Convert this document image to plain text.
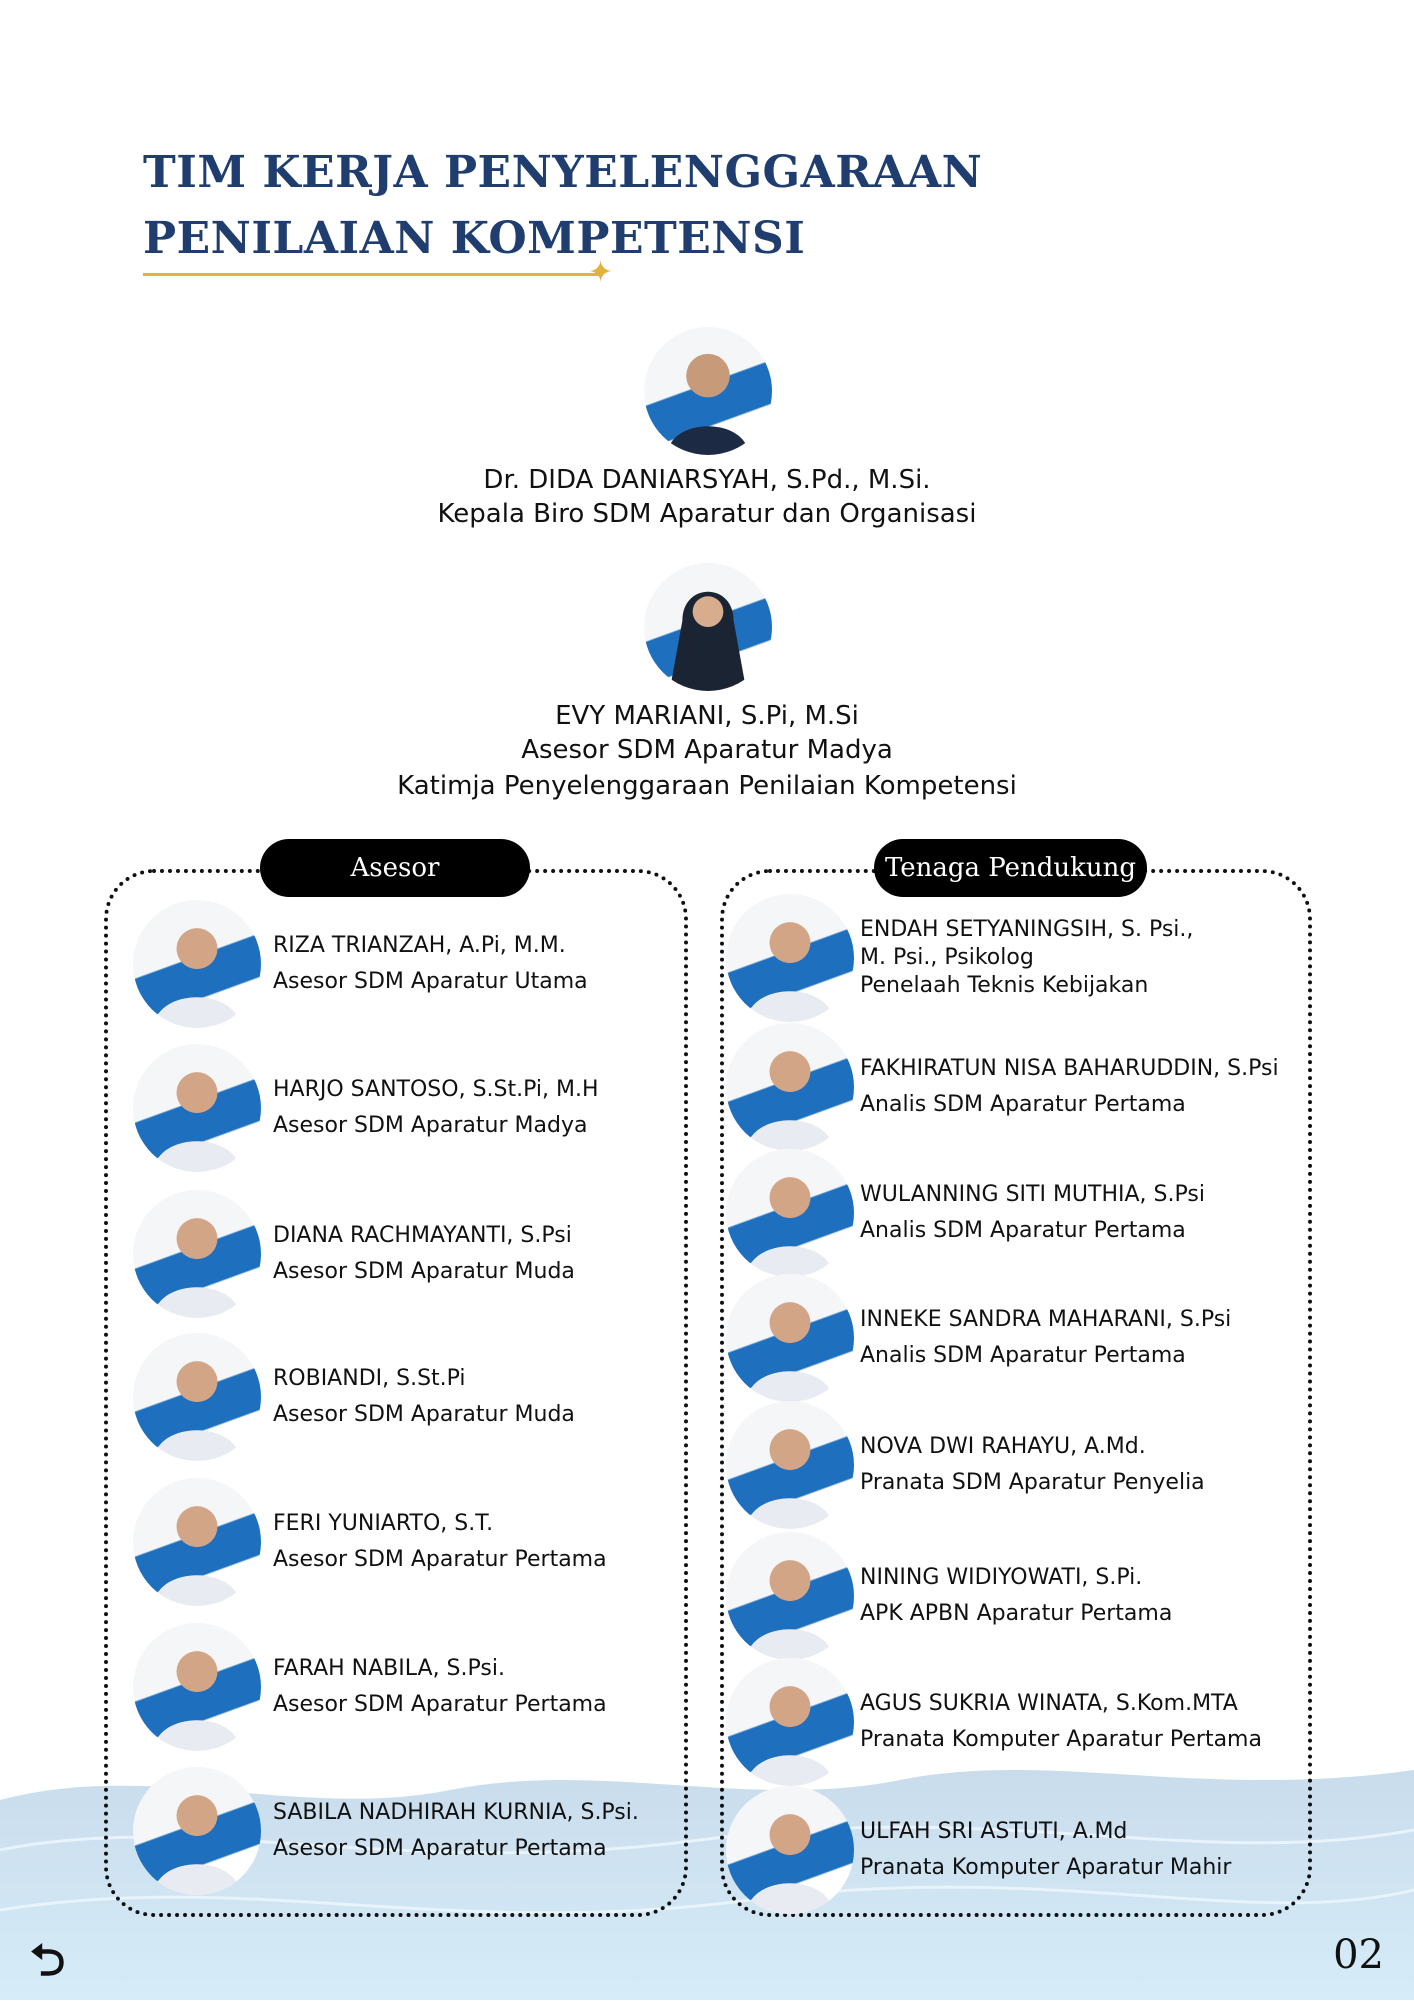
TIM KERJA PENYELENGGARAAN
PENILAIAN KOMPETENSI
✦
Dr. DIDA DANIARSYAH, S.Pd., M.Si.
Kepala Biro SDM Aparatur dan Organisasi
EVY MARIANI, S.Pi, M.Si
Asesor SDM Aparatur Madya
Katimja Penyelenggaraan Penilaian Kompetensi
Asesor	Tenaga Pendukung
RIZA TRIANZAH, A.Pi, M.M.
Asesor SDM Aparatur Utama
HARJO SANTOSO, S.St.Pi, M.H
Asesor SDM Aparatur Madya
DIANA RACHMAYANTI, S.Psi
Asesor SDM Aparatur Muda
ROBIANDI, S.St.Pi
Asesor SDM Aparatur Muda
FERI YUNIARTO, S.T.
Asesor SDM Aparatur Pertama
FARAH NABILA, S.Psi.
Asesor SDM Aparatur Pertama
SABILA NADHIRAH KURNIA, S.Psi.
Asesor SDM Aparatur Pertama
ENDAH SETYANINGSIH, S. Psi.,
M. Psi., Psikolog
Penelaah Teknis Kebijakan
FAKHIRATUN NISA BAHARUDDIN, S.Psi
Analis SDM Aparatur Pertama
WULANNING SITI MUTHIA, S.Psi
Analis SDM Aparatur Pertama
INNEKE SANDRA MAHARANI, S.Psi
Analis SDM Aparatur Pertama
NOVA DWI RAHAYU, A.Md.
Pranata SDM Aparatur Penyelia
NINING WIDIYOWATI, S.Pi.
APK APBN Aparatur Pertama
AGUS SUKRIA WINATA, S.Kom.MTA
Pranata Komputer Aparatur Pertama
ULFAH SRI ASTUTI, A.Md
Pranata Komputer Aparatur Mahir
⮌	02
